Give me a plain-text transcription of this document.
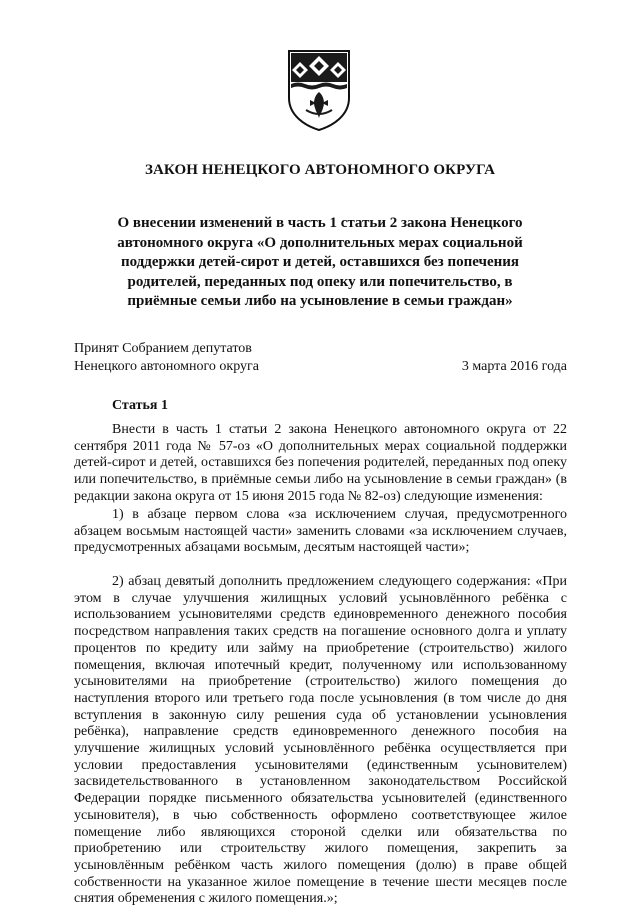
ЗАКОН НЕНЕЦКОГО АВТОНОМНОГО ОКРУГА
О внесении изменений в часть 1 статьи 2 закона Ненецкого автономного округа «О дополнительных мерах социальной поддержки детей-сирот и детей, оставшихся без попечения родителей, переданных под опеку или попечительство, в приёмные семьи либо на усыновление в семьи граждан»
Принят Собранием депутатов
Ненецкого автономного округа	3 марта 2016 года
Статья 1

Внести в часть 1 статьи 2 закона Ненецкого автономного округа от 22 сентября 2011 года № 57-оз «О дополнительных мерах социальной поддержки детей-сирот и детей, оставшихся без попечения родителей, переданных под опеку или попечительство, в приёмные семьи либо на усыновление в семьи граждан» (в редакции закона округа от 15 июня 2015 года № 82-оз) следующие изменения:

1) в абзаце первом слова «за исключением случая, предусмотренного абзацем восьмым настоящей части» заменить словами «за исключением случаев, предусмотренных абзацами восьмым, десятым настоящей части»;

2) абзац девятый дополнить предложением следующего содержания: «При этом в случае улучшения жилищных условий усыновлённого ребёнка с использованием усыновителями средств единовременного денежного пособия посредством направления таких средств на погашение основного долга и уплату процентов по кредиту или займу на приобретение (строительство) жилого помещения, включая ипотечный кредит, полученному или использованному усыновителями на приобретение (строительство) жилого помещения до наступления второго или третьего года после усыновления (в том числе до дня вступления в законную силу решения суда об установлении усыновления ребёнка), направление средств единовременного денежного пособия на улучшение жилищных условий усыновлённого ребёнка осуществляется при условии предоставления усыновителями (единственным усыновителем) засвидетельствованного в установленном законодательством Российской Федерации порядке письменного обязательства усыновителей (единственного усыновителя), в чью собственность оформлено соответствующее жилое помещение либо являющихся стороной сделки или обязательства по приобретению или строительству жилого помещения, закрепить за усыновлённым ребёнком часть жилого помещения (долю) в праве общей собственности на указанное жилое помещение в течение шести месяцев после снятия обременения с жилого помещения.»;
